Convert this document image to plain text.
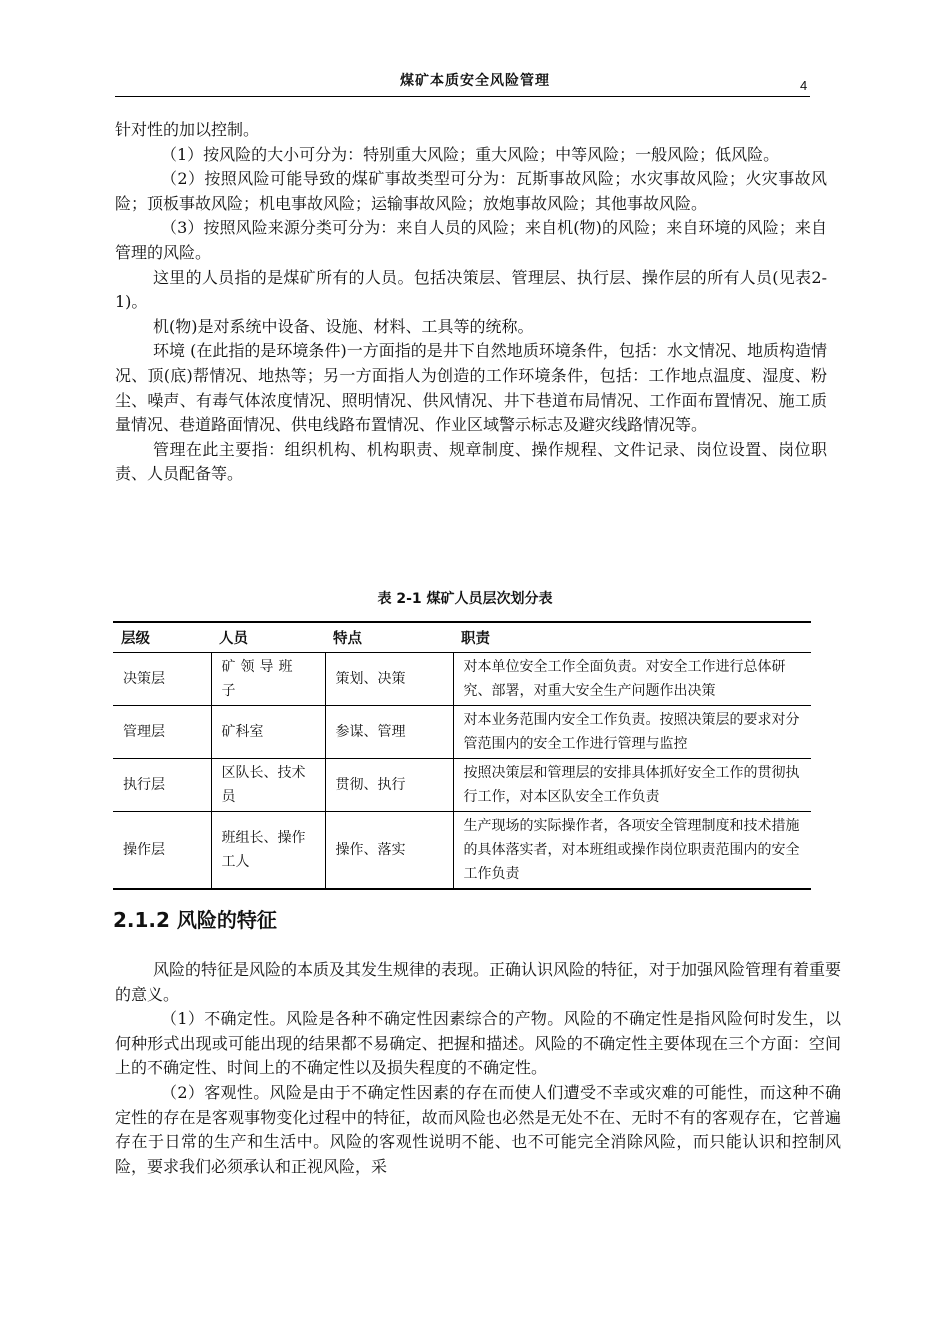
煤矿本质安全风险管理	4

针对性的加以控制。

（1）按风险的大小可分为：特别重大风险；重大风险；中等风险；一般风险；低风险。

（2）按照风险可能导致的煤矿事故类型可分为：瓦斯事故风险；水灾事故风险；火灾事故风险；顶板事故风险；机电事故风险；运输事故风险；放炮事故风险；其他事故风险。

（3）按照风险来源分类可分为：来自人员的风险；来自机(物)的风险；来自环境的风险；来自管理的风险。

这里的人员指的是煤矿所有的人员。包括决策层、管理层、执行层、操作层的所有人员(见表2-1)。

机(物)是对系统中设备、设施、材料、工具等的统称。

环境 (在此指的是环境条件)一方面指的是井下自然地质环境条件，包括：水文情况、地质构造情况、顶(底)帮情况、地热等；另一方面指人为创造的工作环境条件，包括：工作地点温度、湿度、粉尘、噪声、有毒气体浓度情况、照明情况、供风情况、井下巷道布局情况、工作面布置情况、施工质量情况、巷道路面情况、供电线路布置情况、作业区域警示标志及避灾线路情况等。

管理在此主要指：组织机构、机构职责、规章制度、操作规程、文件记录、岗位设置、岗位职责、人员配备等。

表 2-1 煤矿人员层次划分表
层级	人员	特点	职责
决策层	矿领导班子	策划、决策	对本单位安全工作全面负责。对安全工作进行总体研究、部署，对重大安全生产问题作出决策
管理层	矿科室	参谋、管理	对本业务范围内安全工作负责。按照决策层的要求对分管范围内的安全工作进行管理与监控
执行层	区队长、技术员	贯彻、执行	按照决策层和管理层的安排具体抓好安全工作的贯彻执行工作，对本区队安全工作负责
操作层	班组长、操作工人	操作、落实	生产现场的实际操作者，各项安全管理制度和技术措施的具体落实者，对本班组或操作岗位职责范围内的安全工作负责
2.1.2 风险的特征

风险的特征是风险的本质及其发生规律的表现。正确认识风险的特征，对于加强风险管理有着重要的意义。

（1）不确定性。风险是各种不确定性因素综合的产物。风险的不确定性是指风险何时发生，以何种形式出现或可能出现的结果都不易确定、把握和描述。风险的不确定性主要体现在三个方面：空间上的不确定性、时间上的不确定性以及损失程度的不确定性。

（2）客观性。风险是由于不确定性因素的存在而使人们遭受不幸或灾难的可能性，而这种不确定性的存在是客观事物变化过程中的特征，故而风险也必然是无处不在、无时不有的客观存在，它普遍存在于日常的生产和生活中。风险的客观性说明不能、也不可能完全消除风险，而只能认识和控制风险，要求我们必须承认和正视风险，采
